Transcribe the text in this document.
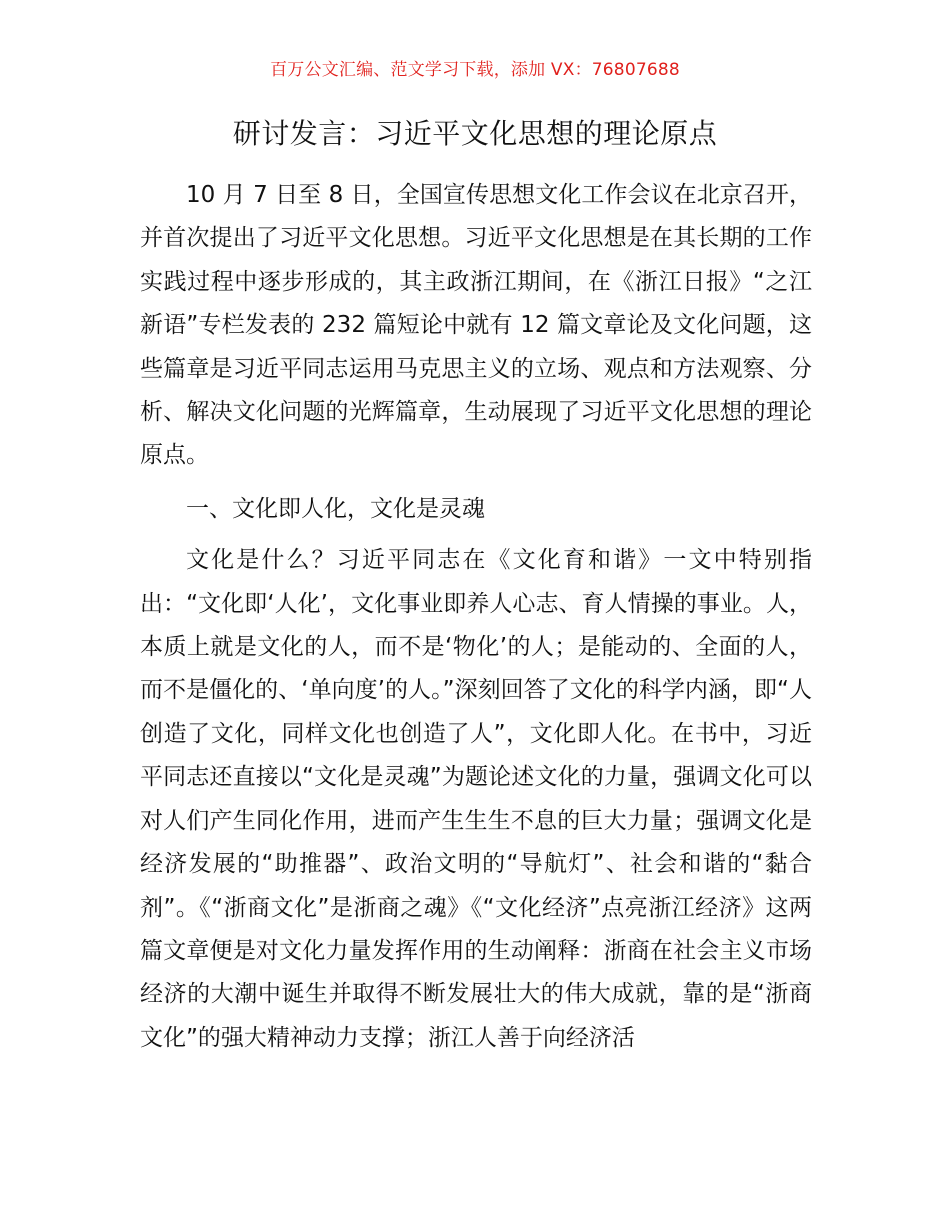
百万公文汇编、范文学习下载，添加 VX：76807688
研讨发言：习近平文化思想的理论原点

10 月 7 日至 8 日，全国宣传思想文化工作会议在北京召开，并首次提出了习近平文化思想。习近平文化思想是在其长期的工作实践过程中逐步形成的，其主政浙江期间，在《浙江日报》“之江新语”专栏发表的 232 篇短论中就有 12 篇文章论及文化问题，这些篇章是习近平同志运用马克思主义的立场、观点和方法观察、分析、解决文化问题的光辉篇章，生动展现了习近平文化思想的理论原点。

一、文化即人化，文化是灵魂

文化是什么？习近平同志在《文化育和谐》一文中特别指出：“文化即‘人化’，文化事业即养人心志、育人情操的事业。人，本质上就是文化的人，而不是‘物化’的人；是能动的、全面的人，而不是僵化的、‘单向度’的人。”深刻回答了文化的科学内涵，即“人创造了文化，同样文化也创造了人”，文化即人化。在书中，习近平同志还直接以“文化是灵魂”为题论述文化的力量，强调文化可以对人们产生同化作用，进而产生生生不息的巨大力量；强调文化是经济发展的“助推器”、政治文明的“导航灯”、社会和谐的“黏合剂”。《“浙商文化”是浙商之魂》《“文化经济”点亮浙江经济》这两篇文章便是对文化力量发挥作用的生动阐释：浙商在社会主义市场经济的大潮中诞生并取得不断发展壮大的伟大成就，靠的是“浙商文化”的强大精神动力支撑；浙江人善于向经济活
